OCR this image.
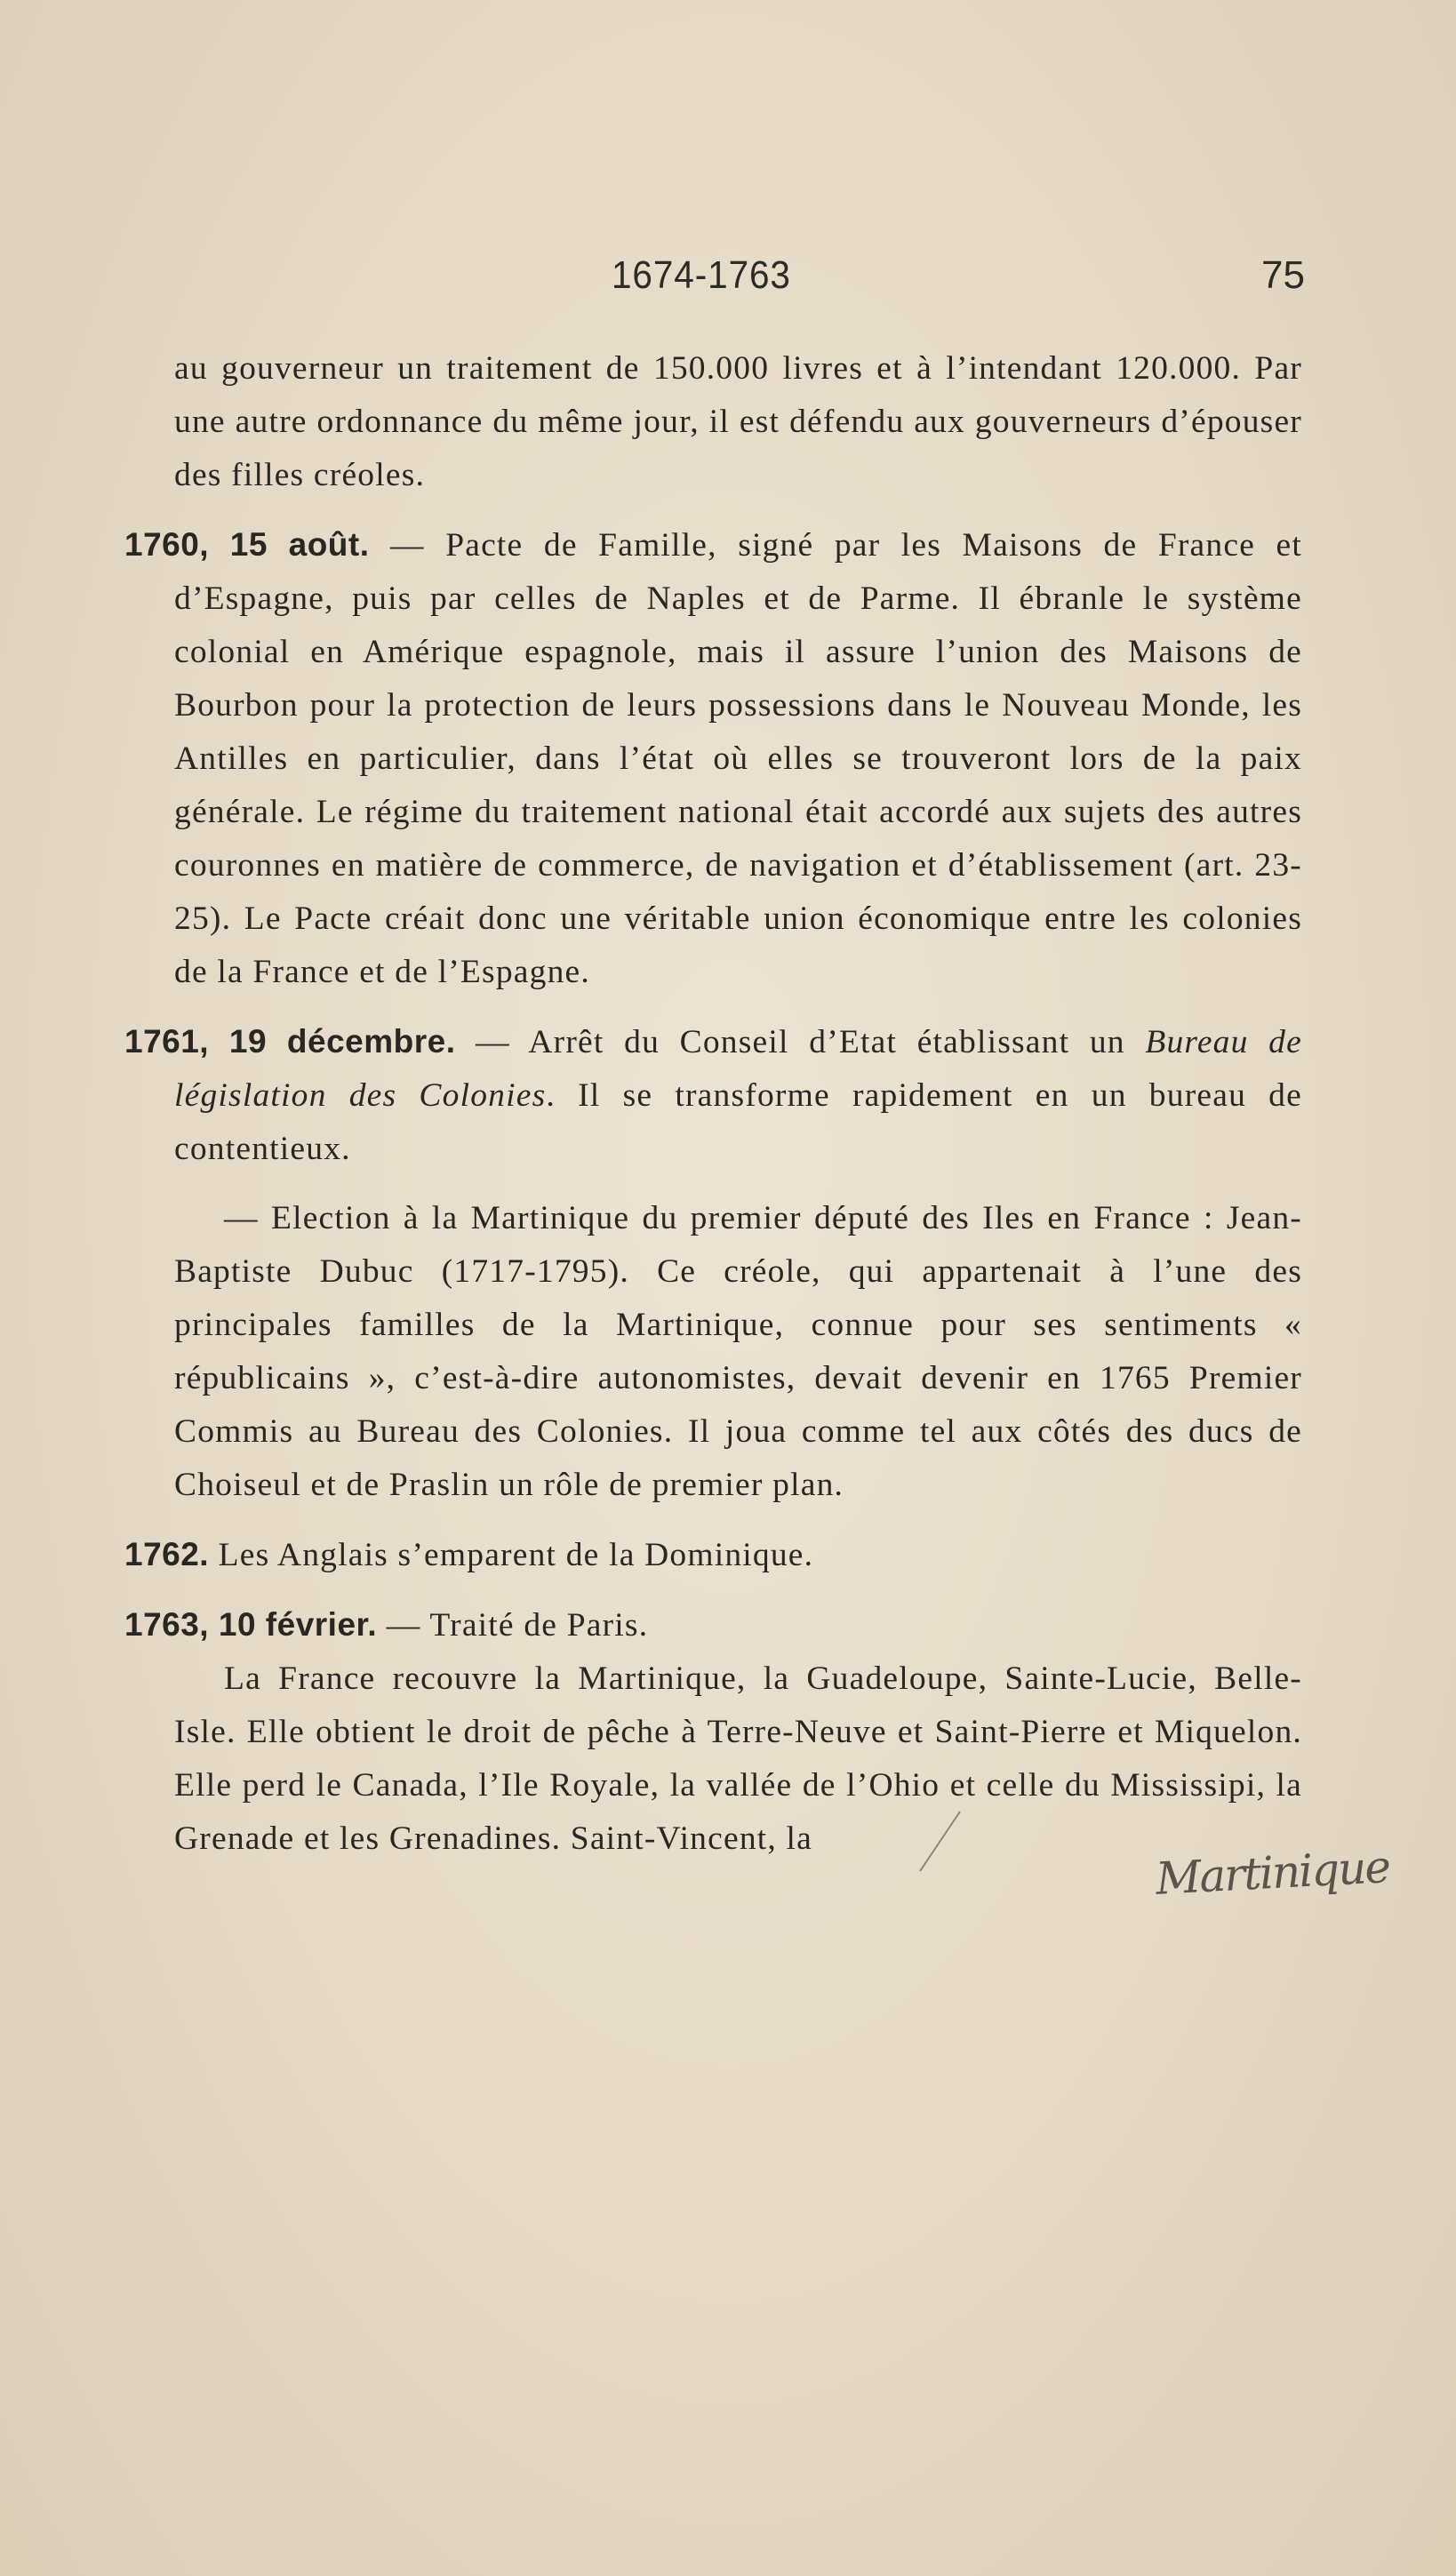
1674-1763	75

au gouverneur un traitement de 150.000 livres et à l’intendant 120.000. Par une autre ordonnance du même jour, il est défendu aux gouverneurs d’épouser des filles créoles.

1760, 15 août. — Pacte de Famille, signé par les Maisons de France et d’Espagne, puis par celles de Naples et de Parme. Il ébranle le système colonial en Amérique espagnole, mais il assure l’union des Maisons de Bourbon pour la protection de leurs possessions dans le Nouveau Monde, les Antilles en particulier, dans l’état où elles se trouveront lors de la paix générale. Le régime du traitement national était accordé aux sujets des autres couronnes en matière de commerce, de navigation et d’établissement (art. 23-25). Le Pacte créait donc une véritable union économique entre les colonies de la France et de l’Espagne.

1761, 19 décembre. — Arrêt du Conseil d’Etat établissant un Bureau de législation des Colonies. Il se transforme rapidement en un bureau de contentieux.

— Election à la Martinique du premier député des Iles en France : Jean-Baptiste Dubuc (1717-1795). Ce créole, qui appartenait à l’une des principales familles de la Martinique, connue pour ses sentiments « républicains », c’est-à-dire autonomistes, devait devenir en 1765 Premier Commis au Bureau des Colonies. Il joua comme tel aux côtés des ducs de Choiseul et de Praslin un rôle de premier plan.

1762. Les Anglais s’emparent de la Dominique.

1763, 10 février. — Traité de Paris.

La France recouvre la Martinique, la Guadeloupe, Sainte-Lucie, Belle-Isle. Elle obtient le droit de pêche à Terre-Neuve et Saint-Pierre et Miquelon. Elle perd le Canada, l’Ile Royale, la vallée de l’Ohio et celle du Mississipi, la Grenade et les Grenadines. Saint-Vincent, la

Martinique
